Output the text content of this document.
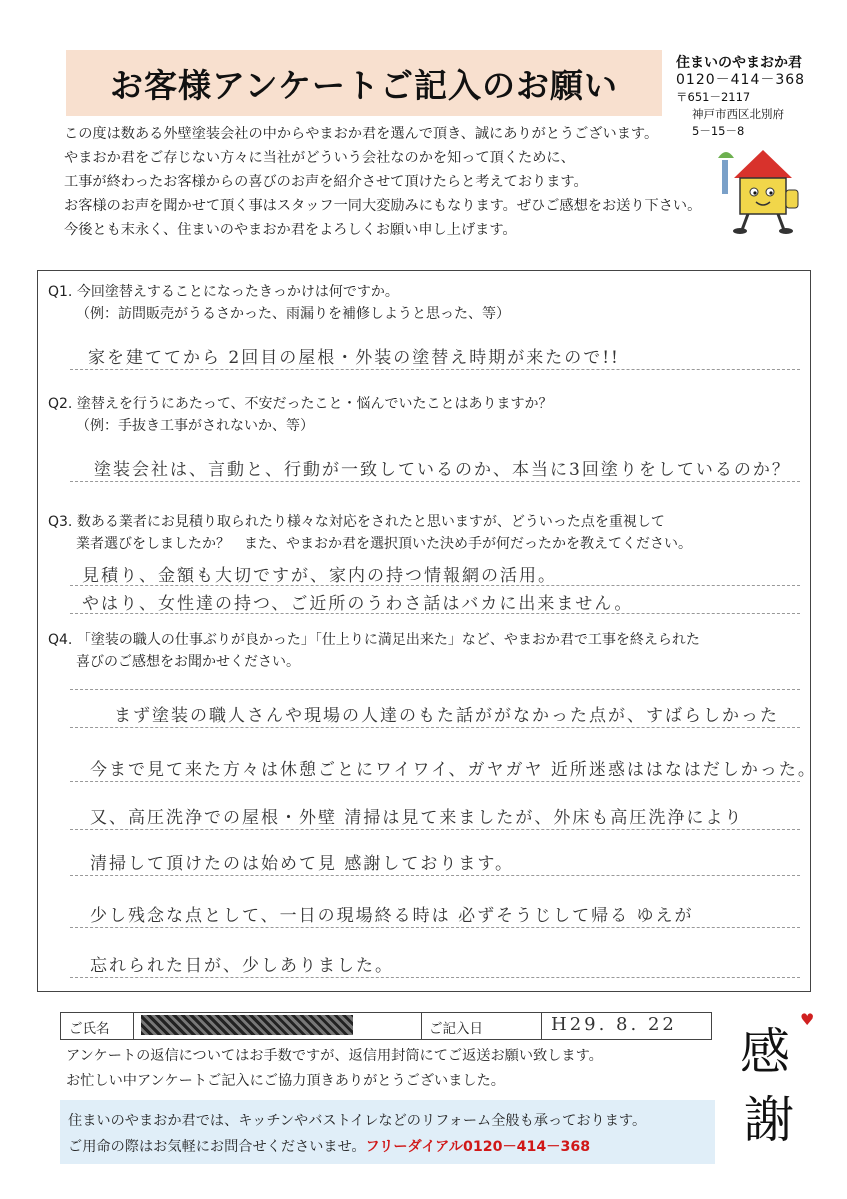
お客様アンケートご記入のお願い
住まいのやまおか君
0120－414－368
〒651－2117
神戸市西区北別府
5－15－8
この度は数ある外壁塗装会社の中からやまおか君を選んで頂き、誠にありがとうございます。
やまおか君をご存じない方々に当社がどういう会社なのかを知って頂くために、
工事が終わったお客様からの喜びのお声を紹介させて頂けたらと考えております。
お客様のお声を聞かせて頂く事はスタッフ一同大変励みにもなります。ぜひご感想をお送り下さい。
今後とも末永く、住まいのやまおか君をよろしくお願い申し上げます。
Q1. 今回塗替えすることになったきっかけは何ですか。
（例：訪問販売がうるさかった、雨漏りを補修しようと思った、等）
家を建ててから 2回目の屋根・外装の塗替え時期が来たので!!
Q2. 塗替えを行うにあたって、不安だったこと・悩んでいたことはありますか？
（例：手抜き工事がされないか、等）
塗装会社は、言動と、行動が一致しているのか、本当に3回塗りをしているのか？
Q3. 数ある業者にお見積り取られたり様々な対応をされたと思いますが、どういった点を重視して
業者選びをしましたか？　また、やまおか君を選択頂いた決め手が何だったかを教えてください。
見積り、金額も大切ですが、家内の持つ情報網の活用。
やはり、女性達の持つ、ご近所のうわさ話はバカに出来ません。
Q4. 「塗装の職人の仕事ぶりが良かった」「仕上りに満足出来た」など、やまおか君で工事を終えられた
喜びのご感想をお聞かせください。
まず塗装の職人さんや現場の人達のもた話ががなかった点が、すばらしかった
今まで見て来た方々は休憩ごとにワイワイ、ガヤガヤ 近所迷惑ははなはだしかった。
又、高圧洗浄での屋根・外壁 清掃は見て来ましたが、外床も高圧洗浄により
清掃して頂けたのは始めて見 感謝しております。
少し残念な点として、一日の現場終る時は 必ずそうじして帰る ゆえが
忘れられた日が、少しありました。
ご氏名	ご記入日	H29. 8. 22
アンケートの返信についてはお手数ですが、返信用封筒にてご返送お願い致します。
お忙しい中アンケートご記入にご協力頂きありがとうございました。	感
♥
謝
住まいのやまおか君では、キッチンやバストイレなどのリフォーム全般も承っております。
ご用命の際はお気軽にお問合せくださいませ。フリーダイアル0120－414－368
